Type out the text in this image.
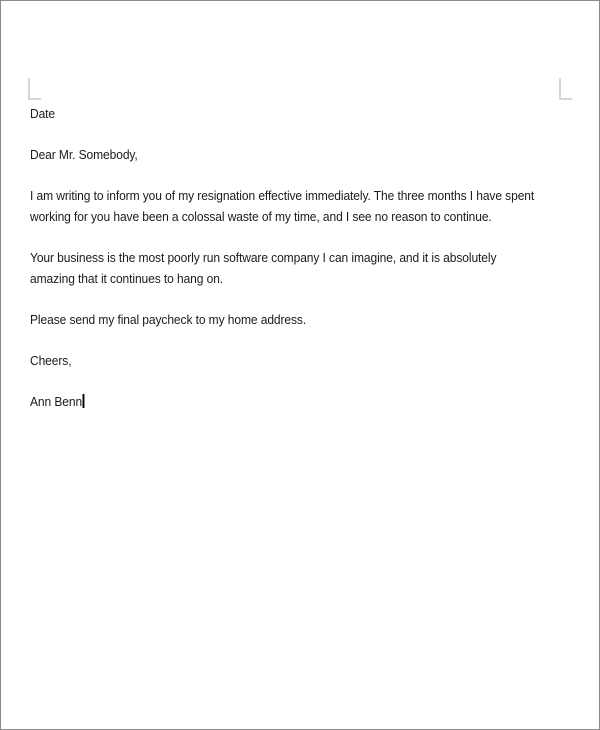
Date

Dear Mr. Somebody,

I am writing to inform you of my resignation effective immediately. The three months I have spent working for you have been a colossal waste of my time, and I see no reason to continue.

Your business is the most poorly run software company I can imagine, and it is absolutely amazing that it continues to hang on.

Please send my final paycheck to my home address.

Cheers,

Ann Benn
